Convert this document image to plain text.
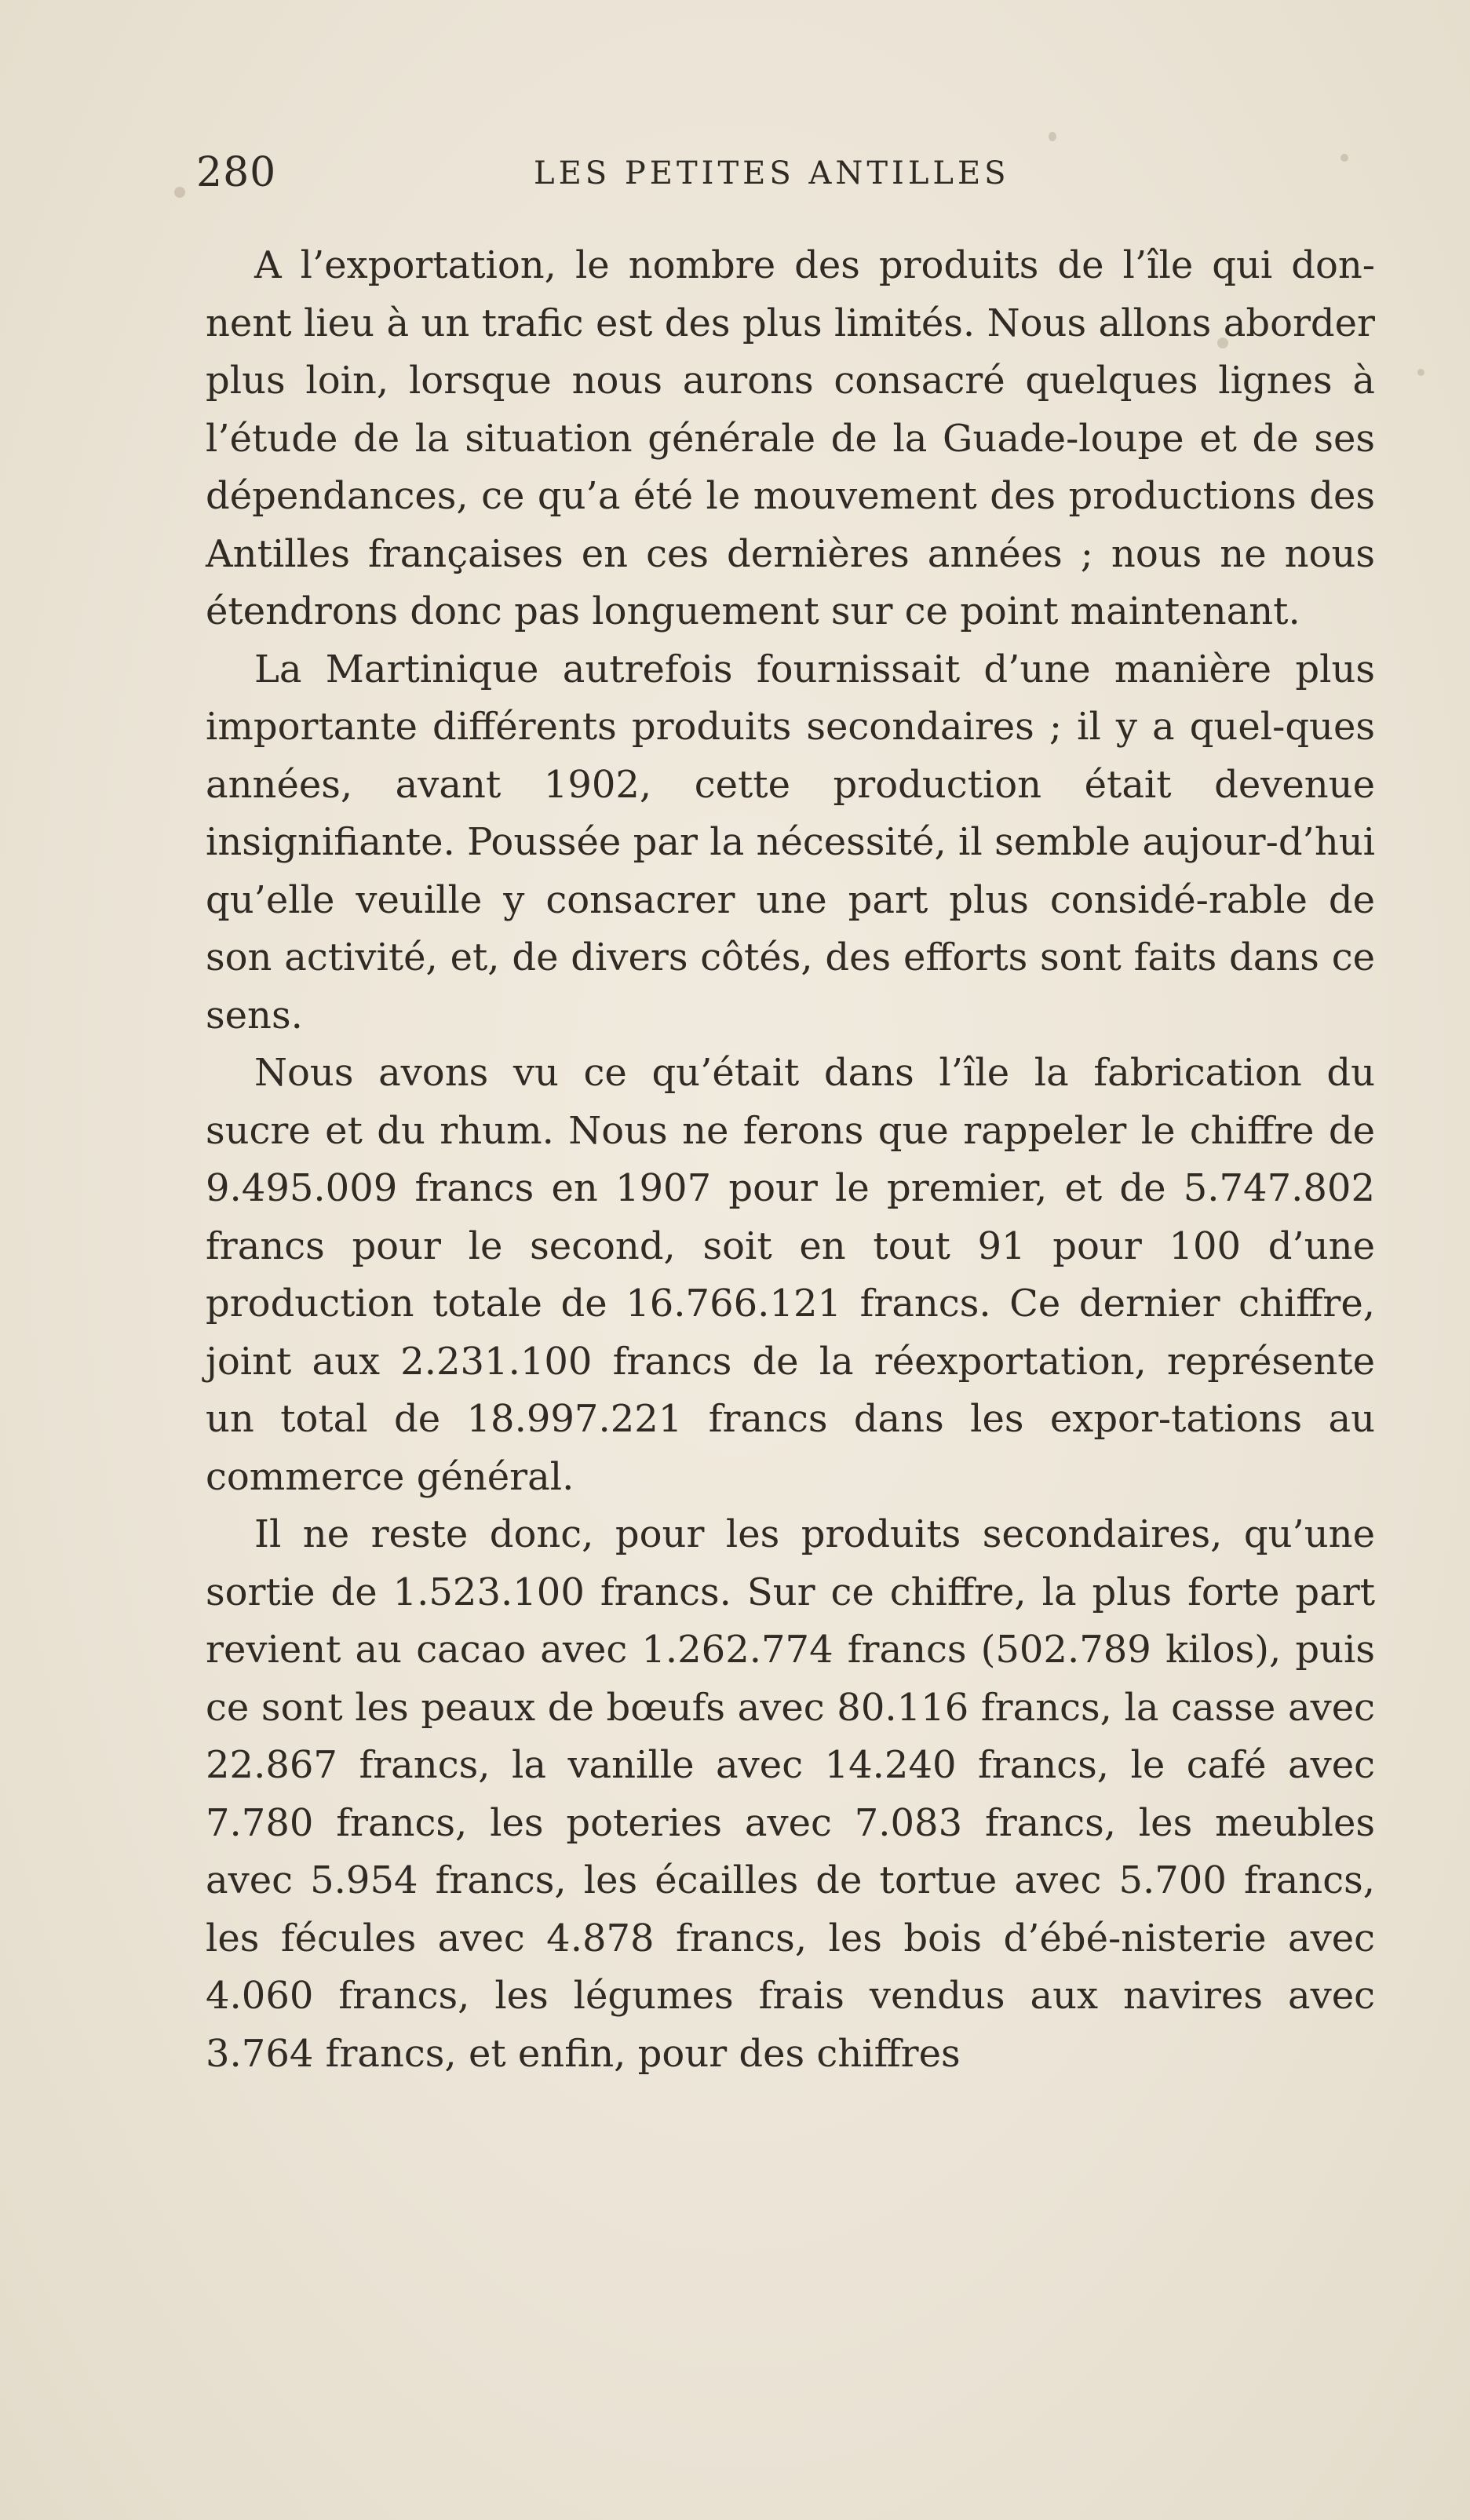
280	LES PETITES ANTILLES

A l’exportation, le nombre des produits de l’île qui don-nent lieu à un trafic est des plus limités. Nous allons aborder plus loin, lorsque nous aurons consacré quelques lignes à l’étude de la situation générale de la Guade-loupe et de ses dépendances, ce qu’a été le mouvement des productions des Antilles françaises en ces dernières années ; nous ne nous étendrons donc pas longuement sur ce point maintenant.

La Martinique autrefois fournissait d’une manière plus importante différents produits secondaires ; il y a quel-ques années, avant 1902, cette production était devenue insignifiante. Poussée par la nécessité, il semble aujour-d’hui qu’elle veuille y consacrer une part plus considé-rable de son activité, et, de divers côtés, des efforts sont faits dans ce sens.

Nous avons vu ce qu’était dans l’île la fabrication du sucre et du rhum. Nous ne ferons que rappeler le chiffre de 9.495.009 francs en 1907 pour le premier, et de 5.747.802 francs pour le second, soit en tout 91 pour 100 d’une production totale de 16.766.121 francs. Ce dernier chiffre, joint aux 2.231.100 francs de la réexportation, représente un total de 18.997.221 francs dans les expor-tations au commerce général.

Il ne reste donc, pour les produits secondaires, qu’une sortie de 1.523.100 francs. Sur ce chiffre, la plus forte part revient au cacao avec 1.262.774 francs (502.789 kilos), puis ce sont les peaux de bœufs avec 80.116 francs, la casse avec 22.867 francs, la vanille avec 14.240 francs, le café avec 7.780 francs, les poteries avec 7.083 francs, les meubles avec 5.954 francs, les écailles de tortue avec 5.700 francs, les fécules avec 4.878 francs, les bois d’ébé-nisterie avec 4.060 francs, les légumes frais vendus aux navires avec 3.764 francs, et enfin, pour des chiffres
